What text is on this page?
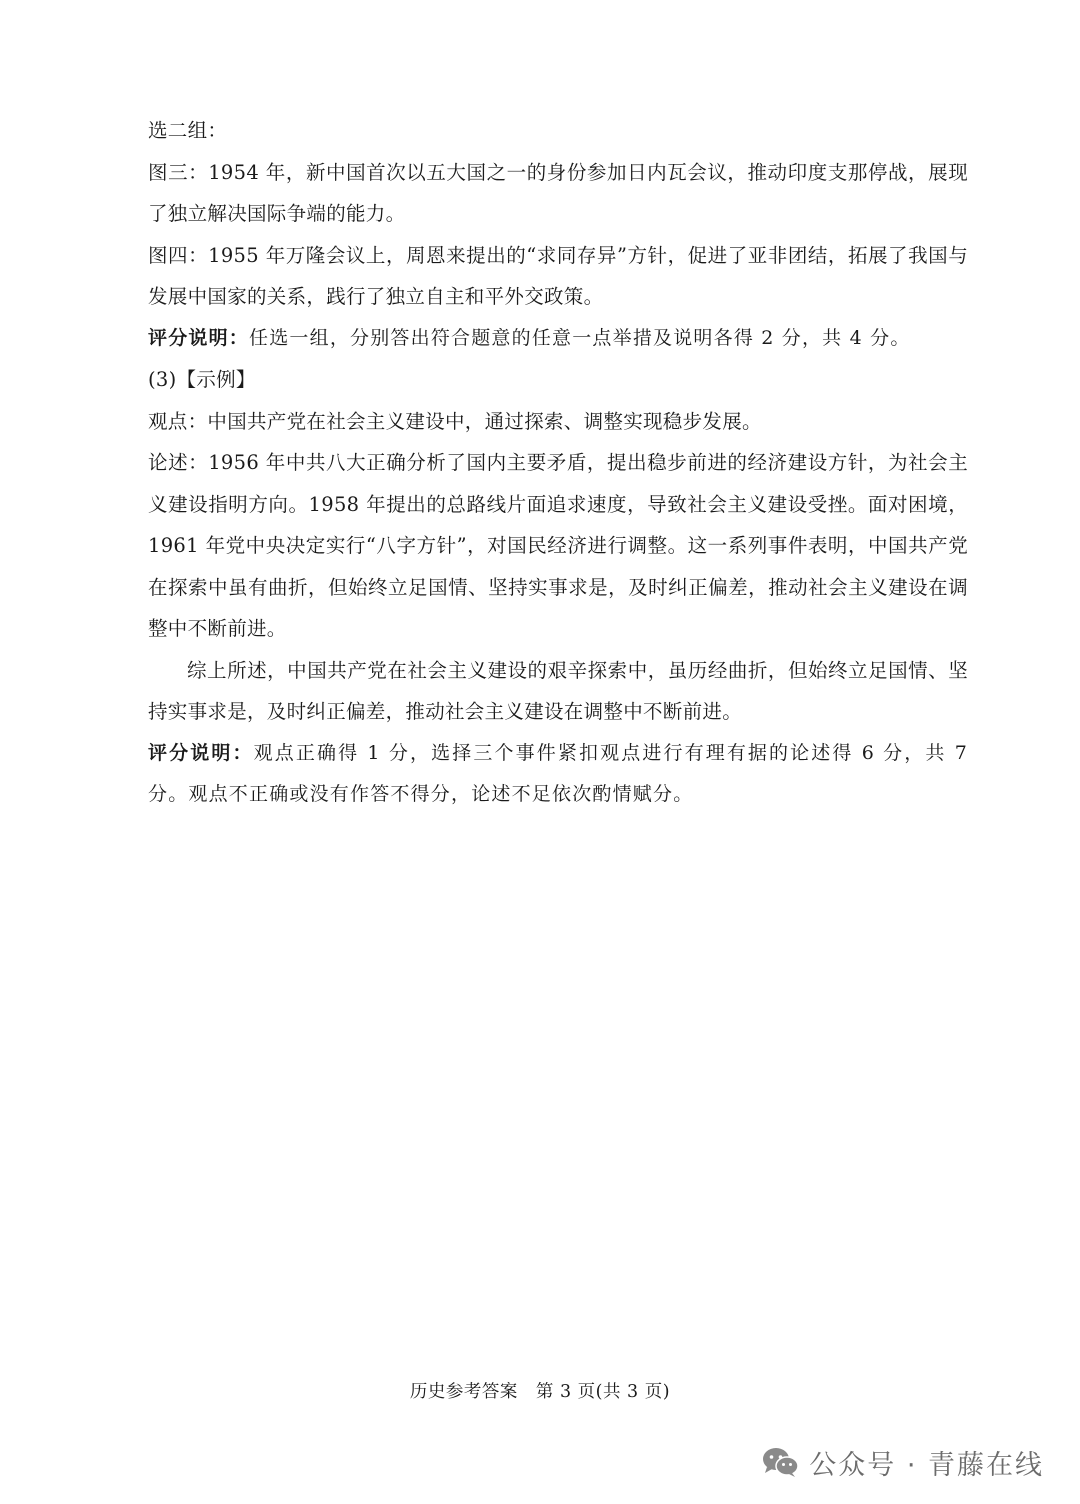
选二组：

图三：1954 年，新中国首次以五大国之一的身份参加日内瓦会议，推动印度支那停战，展现了独立解决国际争端的能力。

图四：1955 年万隆会议上，周恩来提出的“求同存异”方针，促进了亚非团结，拓展了我国与发展中国家的关系，践行了独立自主和平外交政策。

评分说明：任选一组，分别答出符合题意的任意一点举措及说明各得 2 分，共 4 分。

(3)【示例】

观点：中国共产党在社会主义建设中，通过探索、调整实现稳步发展。

论述：1956 年中共八大正确分析了国内主要矛盾，提出稳步前进的经济建设方针，为社会主义建设指明方向。1958 年提出的总路线片面追求速度，导致社会主义建设受挫。面对困境，1961 年党中央决定实行“八字方针”，对国民经济进行调整。这一系列事件表明，中国共产党在探索中虽有曲折，但始终立足国情、坚持实事求是，及时纠正偏差，推动社会主义建设在调整中不断前进。

综上所述，中国共产党在社会主义建设的艰辛探索中，虽历经曲折，但始终立足国情、坚持实事求是，及时纠正偏差，推动社会主义建设在调整中不断前进。

评分说明：观点正确得 1 分，选择三个事件紧扣观点进行有理有据的论述得 6 分，共 7 分。观点不正确或没有作答不得分，论述不足依次酌情赋分。

历史参考答案　第 3 页(共 3 页)
公众号 · 青藤在线
